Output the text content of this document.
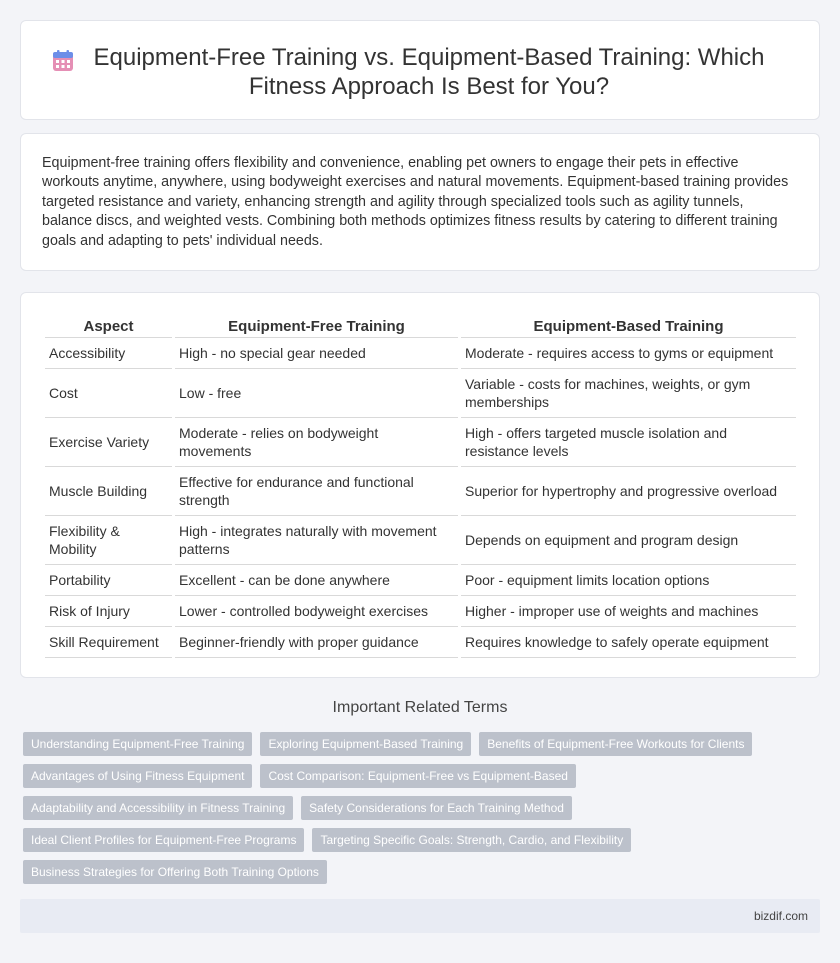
Equipment-Free Training vs. Equipment-Based Training: Which Fitness Approach Is Best for You?

Equipment-free training offers flexibility and convenience, enabling pet owners to engage their pets in effective workouts anytime, anywhere, using bodyweight exercises and natural movements. Equipment-based training provides targeted resistance and variety, enhancing strength and agility through specialized tools such as agility tunnels, balance discs, and weighted vests. Combining both methods optimizes fitness results by catering to different training goals and adapting to pets' individual needs.

Aspect	Equipment-Free Training	Equipment-Based Training
Accessibility	High - no special gear needed	Moderate - requires access to gyms or equipment
Cost	Low - free	Variable - costs for machines, weights, or gym memberships
Exercise Variety	Moderate - relies on bodyweight movements	High - offers targeted muscle isolation and resistance levels
Muscle Building	Effective for endurance and functional strength	Superior for hypertrophy and progressive overload
Flexibility & Mobility	High - integrates naturally with movement patterns	Depends on equipment and program design
Portability	Excellent - can be done anywhere	Poor - equipment limits location options
Risk of Injury	Lower - controlled bodyweight exercises	Higher - improper use of weights and machines
Skill Requirement	Beginner-friendly with proper guidance	Requires knowledge to safely operate equipment
Important Related Terms
Understanding Equipment-Free Training	Exploring Equipment-Based Training	Benefits of Equipment-Free Workouts for Clients
Advantages of Using Fitness Equipment	Cost Comparison: Equipment-Free vs Equipment-Based
Adaptability and Accessibility in Fitness Training	Safety Considerations for Each Training Method
Ideal Client Profiles for Equipment-Free Programs	Targeting Specific Goals: Strength, Cardio, and Flexibility
Business Strategies for Offering Both Training Options
bizdif.com
